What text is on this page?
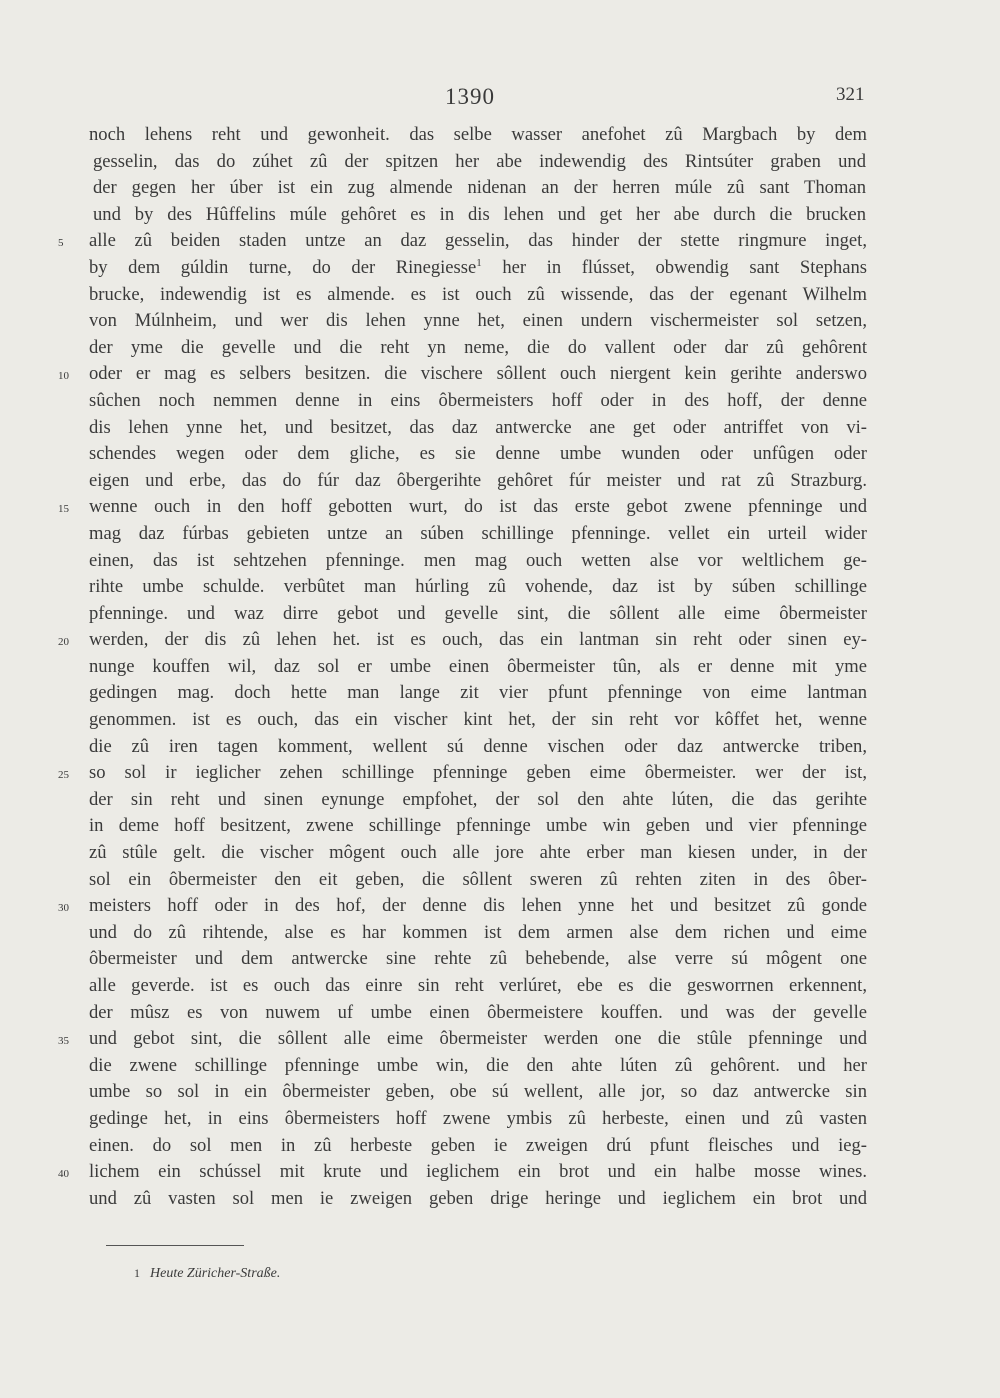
1390	321
noch lehens reht und gewonheit. das selbe wasser anefohet zû Margbach by dem
gesselin, das do zúhet zû der spitzen her abe indewendig des Rintsúter graben und
der gegen her úber ist ein zug almende nidenan an der herren múle zû sant Thoman
und by des Hûffelins múle gehôret es in dis lehen und get her abe durch die brucken
5 alle zû beiden staden untze an daz gesselin, das hinder der stette ringmure inget,
by dem gúldin turne, do der Rinegiesse$^1$ her in flússet, obwendig sant Stephans
brucke, indewendig ist es almende. es ist ouch zû wissende, das der egenant Wilhelm
von Múlnheim, und wer dis lehen ynne het, einen undern vischermeister sol setzen,
der yme die gevelle und die reht yn neme, die do vallent oder dar zû gehôrent
10 oder er mag es selbers besitzen. die vischere sôllent ouch niergent kein gerihte anderswo
sûchen noch nemmen denne in eins ôbermeisters hoff oder in des hoff, der denne
dis lehen ynne het, und besitzet, das daz antwercke ane get oder antriffet von vi-
schendes wegen oder dem gliche, es sie denne umbe wunden oder unfûgen oder
eigen und erbe, das do fúr daz ôbergerihte gehôret fúr meister und rat zû Strazburg.
15 wenne ouch in den hoff gebotten wurt, do ist das erste gebot zwene pfenninge und
mag daz fúrbas gebieten untze an súben schillinge pfenninge. vellet ein urteil wider
einen, das ist sehtzehen pfenninge. men mag ouch wetten alse vor weltlichem ge-
rihte umbe schulde. verbûtet man húrling zû vohende, daz ist by súben schillinge
pfenninge. und waz dirre gebot und gevelle sint, die sôllent alle eime ôbermeister
20 werden, der dis zû lehen het. ist es ouch, das ein lantman sin reht oder sinen ey-
nunge kouffen wil, daz sol er umbe einen ôbermeister tûn, als er denne mit yme
gedingen mag. doch hette man lange zit vier pfunt pfenninge von eime lantman
genommen. ist es ouch, das ein vischer kint het, der sin reht vor kôffet het, wenne
die zû iren tagen komment, wellent sú denne vischen oder daz antwercke triben,
25 so sol ir ieglicher zehen schillinge pfenninge geben eime ôbermeister. wer der ist,
der sin reht und sinen eynunge empfohet, der sol den ahte lúten, die das gerihte
in deme hoff besitzent, zwene schillinge pfenninge umbe win geben und vier pfenninge
zû stûle gelt. die vischer môgent ouch alle jore ahte erber man kiesen under, in der
sol ein ôbermeister den eit geben, die sôllent sweren zû rehten ziten in des ôber-
30 meisters hoff oder in des hof, der denne dis lehen ynne het und besitzet zû gonde
und do zû rihtende, alse es har kommen ist dem armen alse dem richen und eime
ôbermeister und dem antwercke sine rehte zû behebende, alse verre sú môgent one
alle geverde. ist es ouch das einre sin reht verlúret, ebe es die gesworrnen erkennent,
der mûsz es von nuwem uf umbe einen ôbermeistere kouffen. und was der gevelle
35 und gebot sint, die sôllent alle eime ôbermeister werden one die stûle pfenninge und
die zwene schillinge pfenninge umbe win, die den ahte lúten zû gehôrent. und her
umbe so sol in ein ôbermeister geben, obe sú wellent, alle jor, so daz antwercke sin
gedinge het, in eins ôbermeisters hoff zwene ymbis zû herbeste, einen und zû vasten
einen. do sol men in zû herbeste geben ie zweigen drú pfunt fleisches und ieg-
40 lichem ein schússel mit krute und ieglichem ein brot und ein halbe mosse wines.
und zû vasten sol men ie zweigen geben drige heringe und ieglichem ein brot und
1 Heute Züricher-Straße.
